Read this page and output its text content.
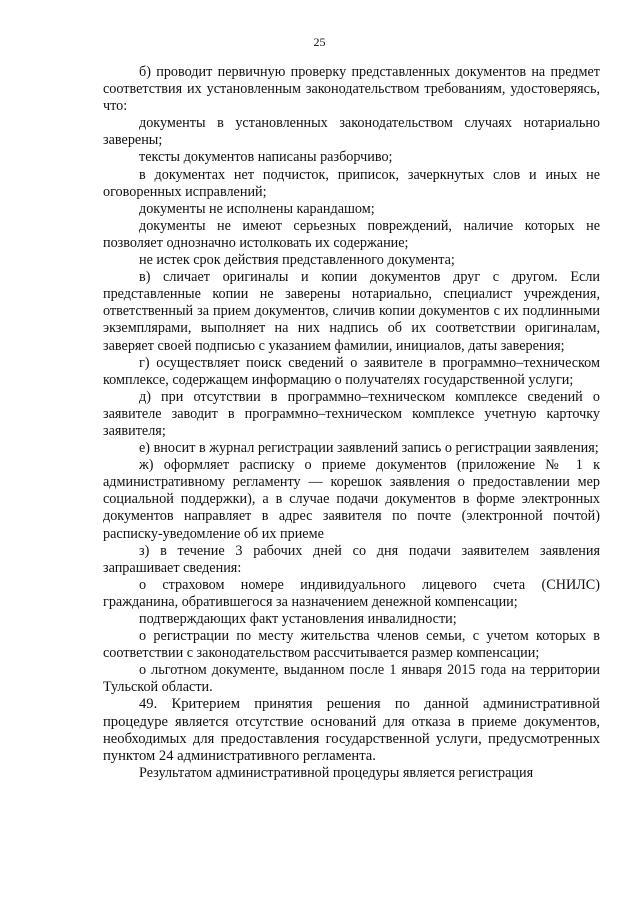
25

б) проводит первичную проверку представленных документов на предмет соответствия их установленным законодательством требованиям, удостоверяясь, что:

документы в установленных законодательством случаях нотариально заверены;

тексты документов написаны разборчиво;

в документах нет подчисток, приписок, зачеркнутых слов и иных не оговоренных исправлений;

документы не исполнены карандашом;

документы не имеют серьезных повреждений, наличие которых не позволяет однозначно истолковать их содержание;

не истек срок действия представленного документа;

в) сличает оригиналы и копии документов друг с другом. Если представленные копии не заверены нотариально, специалист учреждения, ответственный за прием документов, сличив копии документов с их подлинными экземплярами, выполняет на них надпись об их соответствии оригиналам, заверяет своей подписью с указанием фамилии, инициалов, даты заверения;

г) осуществляет поиск сведений о заявителе в программно–техническом комплексе, содержащем информацию о получателях государственной услуги;

д) при отсутствии в программно–техническом комплексе сведений о заявителе заводит в программно–техническом комплексе учетную карточку заявителя;

е) вносит в журнал регистрации заявлений запись о регистрации заявления;

ж) оформляет расписку о приеме документов (приложение № 1 к административному регламенту — корешок заявления о предоставлении мер социальной поддержки), а в случае подачи документов в форме электронных документов направляет в адрес заявителя по почте (электронной почтой) расписку-уведомление об их приеме

з) в течение 3 рабочих дней со дня подачи заявителем заявления запрашивает сведения:

о страховом номере индивидуального лицевого счета (СНИЛС) гражданина, обратившегося за назначением денежной компенсации;

подтверждающих факт установления инвалидности;

о регистрации по месту жительства членов семьи, с учетом которых в соответствии с законодательством рассчитывается размер компенсации;

о льготном документе, выданном после 1 января 2015 года на территории Тульской области.

49. Критерием принятия решения по данной административной процедуре является отсутствие оснований для отказа в приеме документов, необходимых для предоставления государственной услуги, предусмотренных пунктом 24 административного регламента.

Результатом административной процедуры является регистрация
